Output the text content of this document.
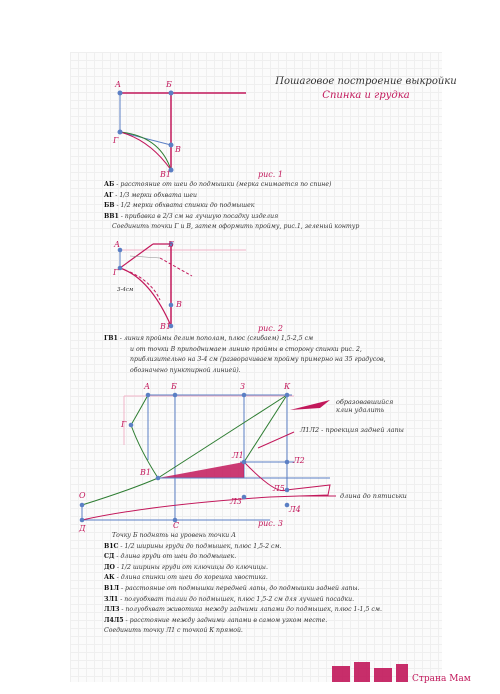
Пошаговое построение выкройки
Спинка и грудка
А	Б
Г
В
В1	рис. 1
АБ - расстояние от шеи до подмышки (мерка снимается по спине)
АГ - 1/3 мерки обхвата шеи
БВ - 1/2 мерки обхвата спинки до подмышек
ВВ1 - прибавка в 2/3 см на лучшую посадку изделия
Соединить точки Г и В, затем оформить пройму, рис.1, зеленый контур
А	Б
Г
3-4см
В
В1	рис. 2
ГВ1 - линия проймы делим пополам, плюс (сгибаем) 1,5-2,5 см
и от точки В приподнимаем линию проймы в сторону спинки рис. 2,
приблизительно на 3-4 см (разворачиваем пройму примерно на 35 градусов,
обозначено пунктирной линией).
А	Б	З	К
Г
В1
Л1
Л2
Л3
Л4
Л5
О
Д	С
образовавшийся клин удалить
Л1Л2 - проекция задней лапы
длина до пятиськи
рис. 3
Точку Б поднять на уровень точки А
В1С - 1/2 ширины груди до подмышек, плюс 1,5-2 см.
СД - длина груди от шеи до подмышек.
ДО - 1/2 ширины груди от ключицы до ключицы.
АК - длина спинки от шеи до корешка хвостика.
В1Л - расстояние от подмышки передней лапы, до подмышки задней лапы.
ЗЛ1 - полуобхват талии до подмышек, плюс 1,5-2 см для лучшей посадки.
ЛЛЗ - полуобхват животика между задними лапами до подмышек, плюс 1-1,5 см.
Л4Л5 - расстояние между задними лапами в самом узком месте.
Соединить точку Л1 с точкой К прямой.
Страна Мам
